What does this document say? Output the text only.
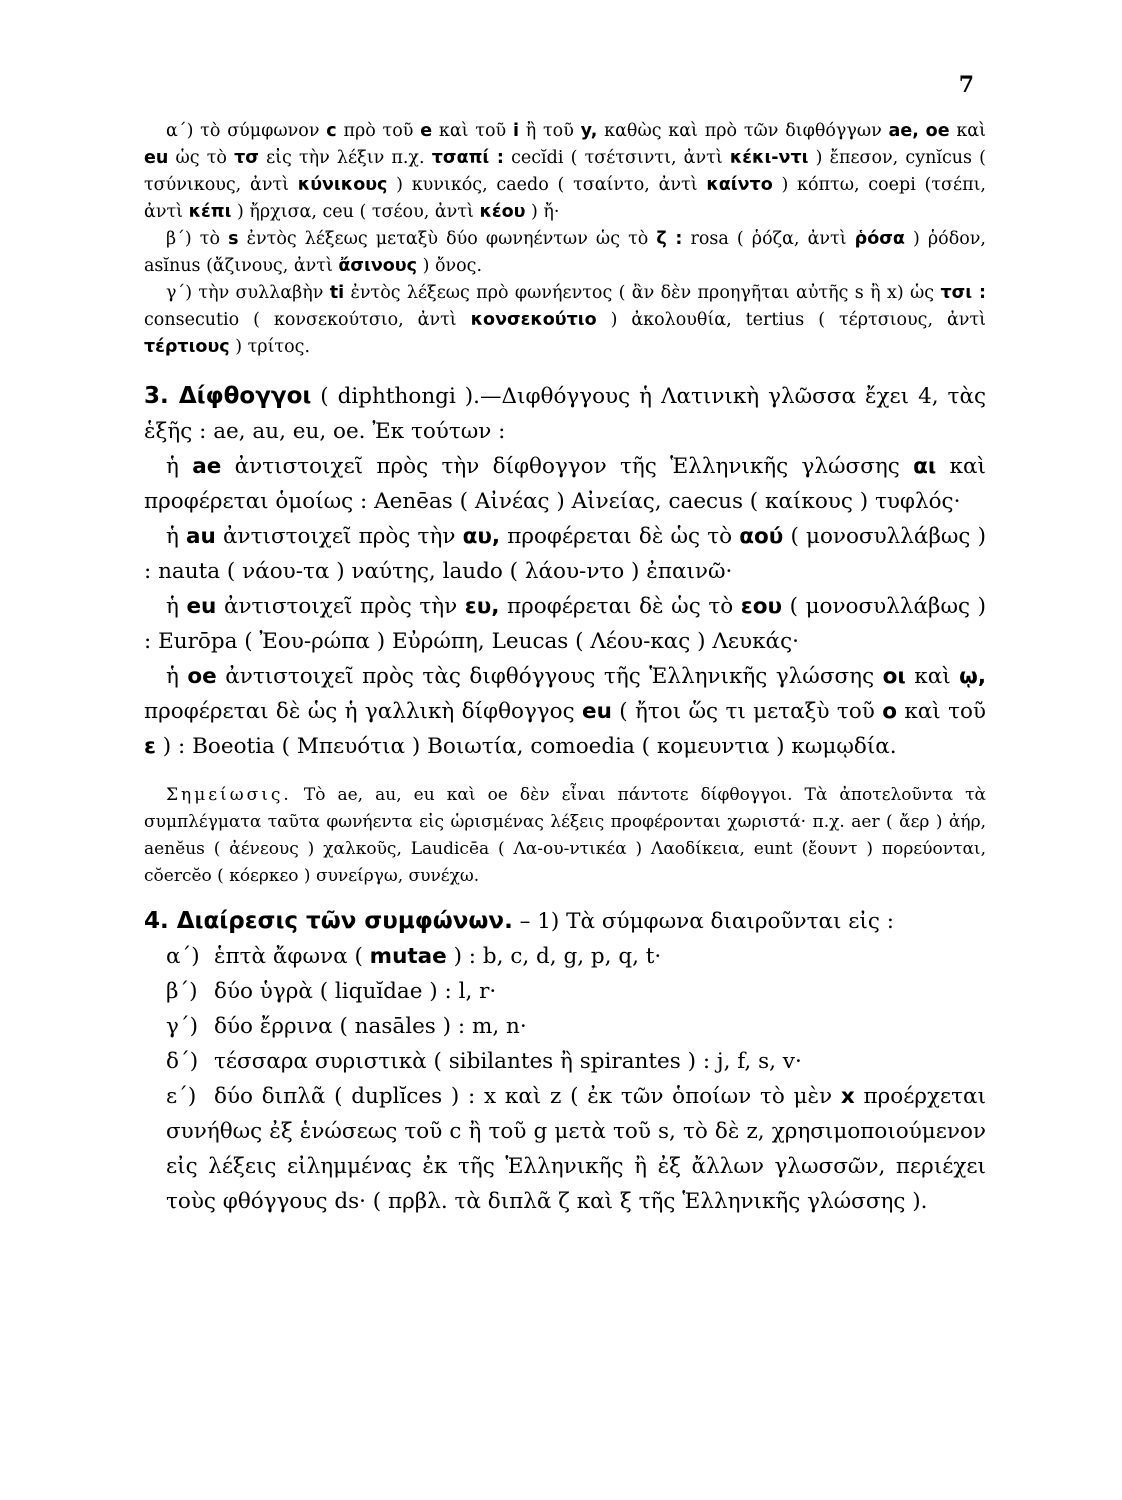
7

α΄) τὸ σύμφωνον c πρὸ τοῦ e καὶ τοῦ i ἢ τοῦ y, καθὼς καὶ πρὸ τῶν διφθόγγων ae, oe καὶ eu ὡς τὸ τσ εἰς τὴν λέξιν π.χ. τσαπί : cecĭdi ( τσέτσιντι, ἀντὶ κέκι-ντι ) ἔπεσον, cynĭcus ( τσύνικους, ἀντὶ κύνικους ) κυνικός, caedo ( τσαίντο, ἀντὶ καίντο ) κόπτω, coepi (τσέπι, ἀντὶ κέπι ) ἤρχισα, ceu ( τσέου, ἀντὶ κέου ) ἤ·

β΄) τὸ s ἐντὸς λέξεως μεταξὺ δύο φωνηέντων ὡς τὸ ζ : rosa ( ῥόζα, ἀντὶ ῥόσα ) ῥόδον, asĭnus (ἄζινους, ἀντὶ ἄσινους ) ὄνος.

γ΄) τὴν συλλαβὴν ti ἐντὸς λέξεως πρὸ φωνήεντος ( ἂν δὲν προηγῆται αὐτῆς s ἢ x) ὡς τσι : consecutio ( κονσεκούτσιο, ἀντὶ κονσεκούτιο ) ἀκολουθία, tertius ( τέρτσιους, ἀντὶ τέρτιους ) τρίτος.

3. Δίφθογγοι ( diphthongi ).—Διφθόγγους ἡ Λατινικὴ γλῶσσα ἔχει 4, τὰς ἑξῆς : ae, au, eu, oe. Ἐκ τούτων :

ἡ ae ἀντιστοιχεῖ πρὸς τὴν δίφθογγον τῆς Ἑλληνικῆς γλώσσης αι καὶ προφέρεται ὁμοίως : Aenēas ( Αἰνέας ) Αἰνείας, caecus ( καίκους ) τυφλός·

ἡ au ἀντιστοιχεῖ πρὸς τὴν αυ, προφέρεται δὲ ὡς τὸ αού ( μονοσυλλάβως ) : nauta ( νάου-τα ) ναύτης, laudo ( λάου-ντο ) ἐπαινῶ·

ἡ eu ἀντιστοιχεῖ πρὸς τὴν ευ, προφέρεται δὲ ὡς τὸ εου ( μονοσυλλάβως ) : Eurōpa ( Ἐου-ρώπα ) Εὐρώπη, Leucas ( Λέου-κας ) Λευκάς·

ἡ oe ἀντιστοιχεῖ πρὸς τὰς διφθόγγους τῆς Ἑλληνικῆς γλώσσης οι καὶ ῳ, προφέρεται δὲ ὡς ἡ γαλλικὴ δίφθογγος eu ( ἤτοι ὥς τι μεταξὺ τοῦ ο καὶ τοῦ ε ) : Boeotia ( Μπευότια ) Βοιωτία, comoedia ( κομευντια ) κωμῳδία.

Σημείωσις. Τὸ ae, au, eu καὶ oe δὲν εἶναι πάντοτε δίφθογγοι. Τὰ ἀποτελοῦντα τὰ συμπλέγματα ταῦτα φωνήεντα εἰς ὡρισμένας λέξεις προφέρονται χωριστά· π.χ. aer ( ἄερ ) ἀήρ, aenĕus ( ἀένεους ) χαλκοῦς, Laudicēa ( Λα-ου-ντικέα ) Λαοδίκεια, eunt (ἔουντ ) πορεύονται, cŏercĕo ( κόερκεο ) συνείργω, συνέχω.

4. Διαίρεσις τῶν συμφώνων. – 1) Τὰ σύμφωνα διαιροῦνται εἰς :

α΄) ἑπτὰ ἄφωνα ( mutae ) : b, c, d, g, p, q, t·

β΄) δύο ὑγρὰ ( liquĭdae ) : l, r·

γ΄) δύο ἔρρινα ( nasāles ) : m, n·

δ΄) τέσσαρα συριστικὰ ( sibilantes ἢ spirantes ) : j, f, s, v·

ε΄) δύο διπλᾶ ( duplĭces ) : x καὶ z ( ἐκ τῶν ὁποίων τὸ μὲν x προέρχεται συνήθως ἐξ ἑνώσεως τοῦ c ἢ τοῦ g μετὰ τοῦ s, τὸ δὲ z, χρησιμοποιούμενον εἰς λέξεις εἰλημμένας ἐκ τῆς Ἑλληνικῆς ἢ ἐξ ἄλλων γλωσσῶν, περιέχει τοὺς φθόγγους ds· ( πρβλ. τὰ διπλᾶ ζ καὶ ξ τῆς Ἑλληνικῆς γλώσσης ).
